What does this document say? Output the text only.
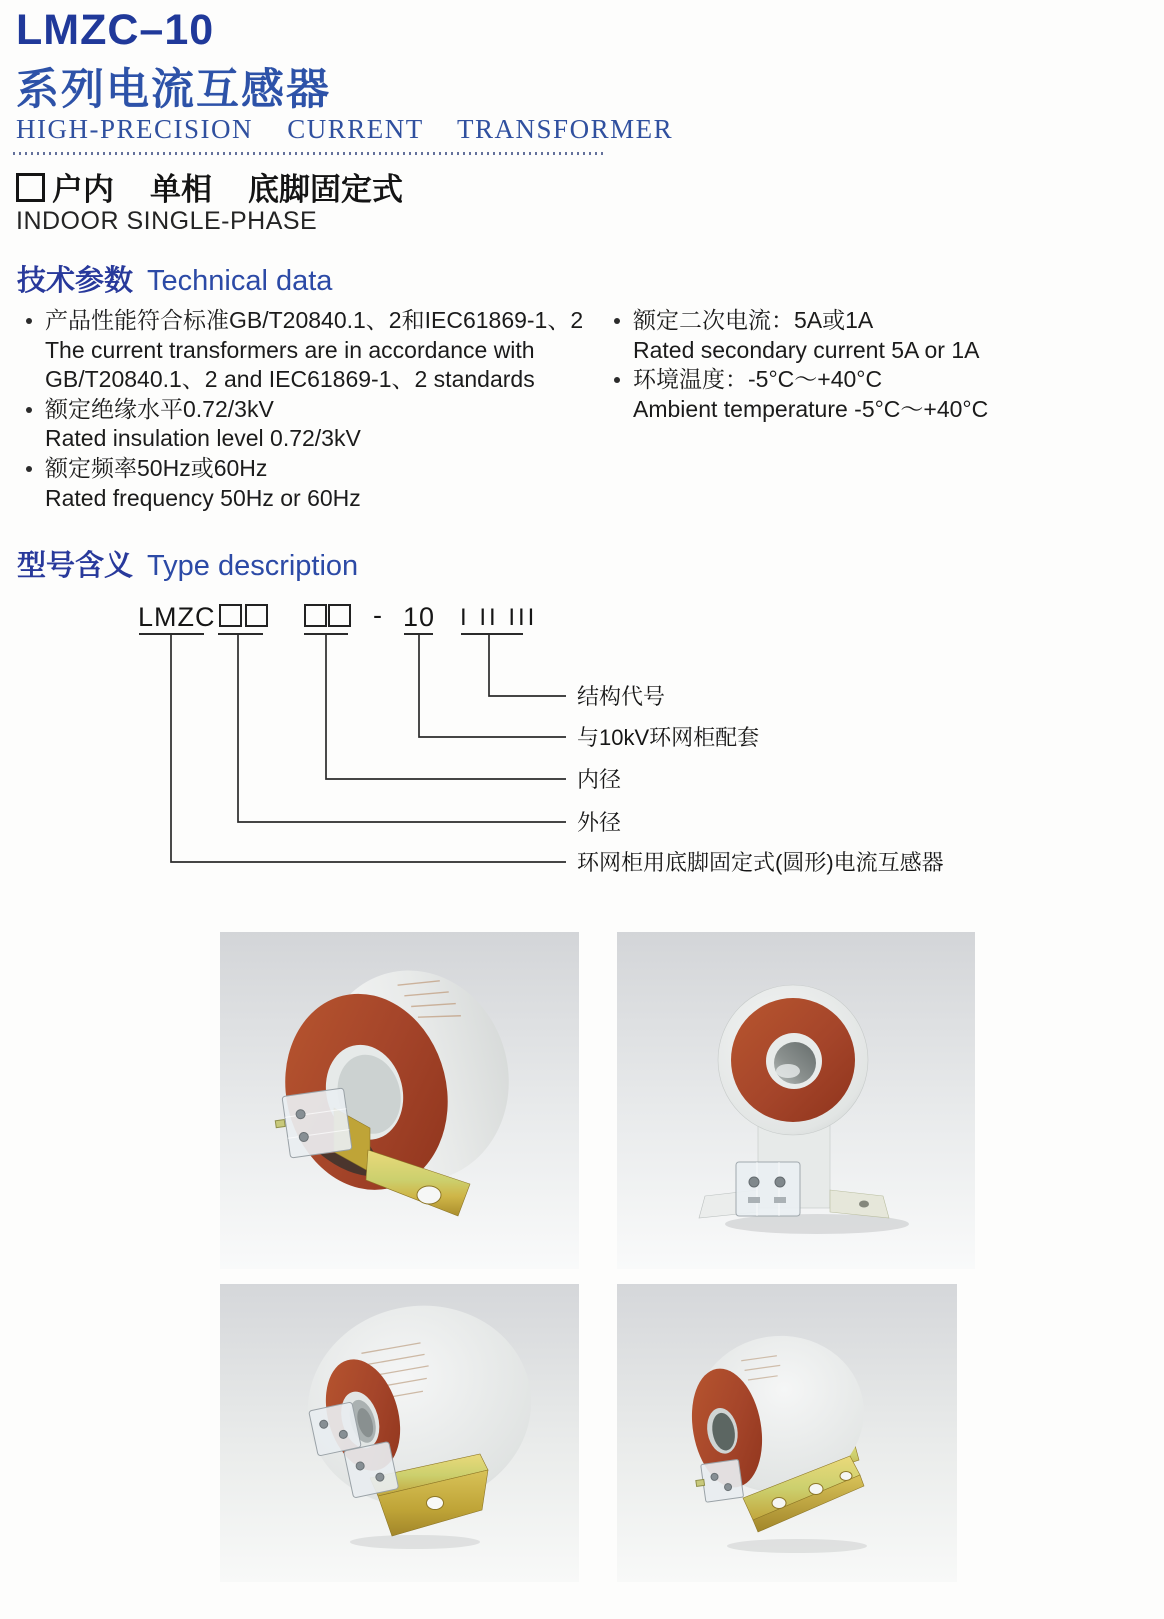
LMZC–10
系列电流互感器
HIGH-PRECISION CURRENT TRANSFORMER
户内 单相 底脚固定式
INDOOR SINGLE-PHASE
技术参数 Technical data
产品性能符合标准GB/T20840.1、2和IEC61869-1、2
The current transformers are in accordance with
GB/T20840.1、2 and IEC61869-1、2 standards
额定绝缘水平0.72/3kV
Rated insulation level 0.72/3kV
额定频率50Hz或60Hz
Rated frequency 50Hz or 60Hz
额定二次电流：5A或1A
Rated secondary current 5A or 1A
环境温度：-5°C～+40°C
Ambient temperature -5°C～+40°C
型号含义 Type description
LMZC	- 10 I II III
结构代号
与10kV环网柜配套
内径
外径
环网柜用底脚固定式(圆形)电流互感器
